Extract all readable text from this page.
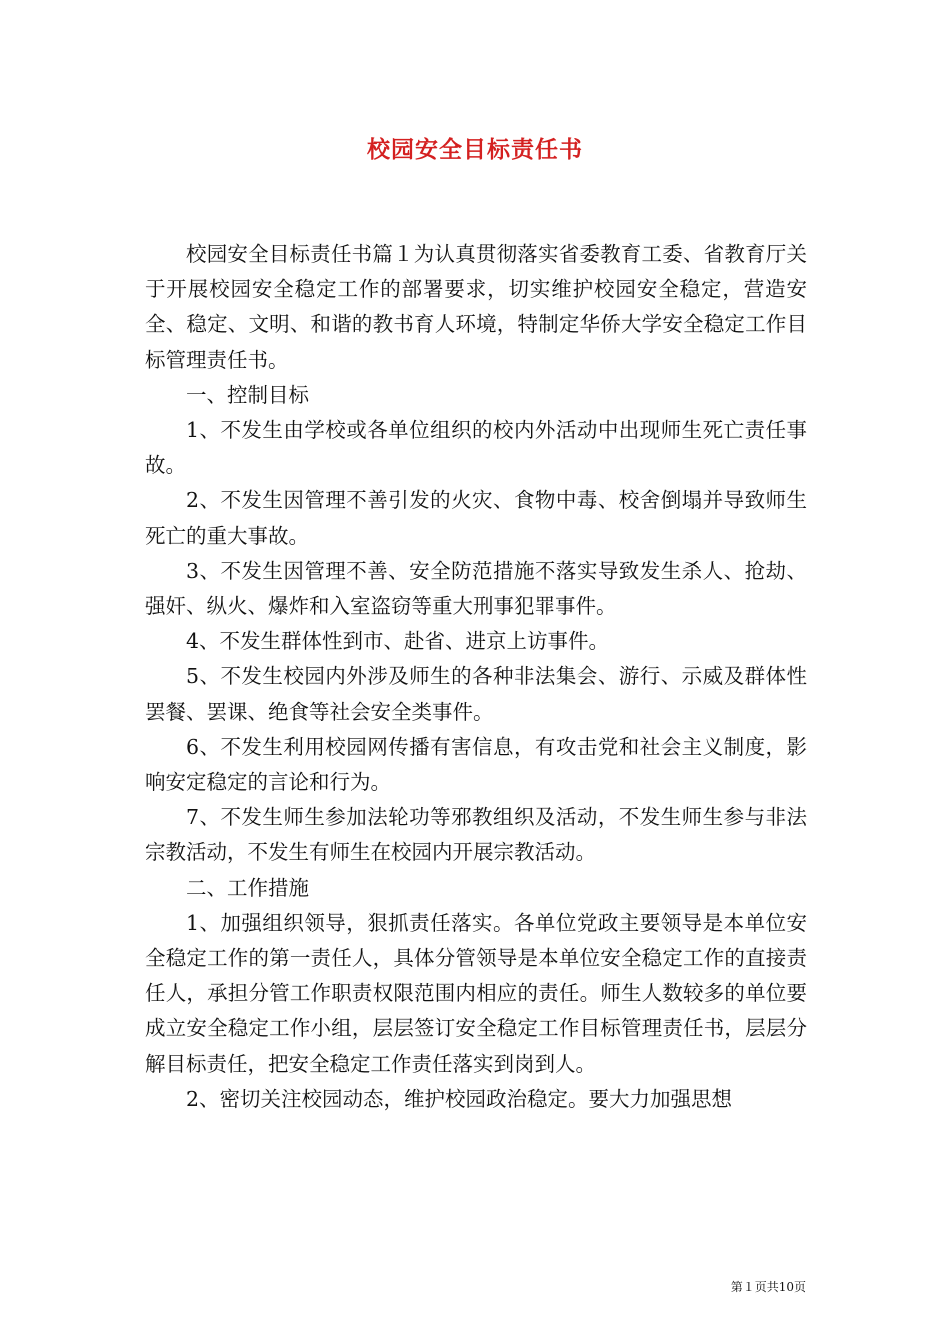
校园安全目标责任书

校园安全目标责任书篇１为认真贯彻落实省委教育工委、省教育厅关于开展校园安全稳定工作的部署要求，切实维护校园安全稳定，营造安全、稳定、文明、和谐的教书育人环境，特制定华侨大学安全稳定工作目标管理责任书。

一、控制目标

1、不发生由学校或各单位组织的校内外活动中出现师生死亡责任事故。

2、不发生因管理不善引发的火灾、食物中毒、校舍倒塌并导致师生死亡的重大事故。

3、不发生因管理不善、安全防范措施不落实导致发生杀人、抢劫、强奸、纵火、爆炸和入室盗窃等重大刑事犯罪事件。

4、不发生群体性到市、赴省、进京上访事件。

5、不发生校园内外涉及师生的各种非法集会、游行、示威及群体性罢餐、罢课、绝食等社会安全类事件。

6、不发生利用校园网传播有害信息，有攻击党和社会主义制度，影响安定稳定的言论和行为。

7、不发生师生参加法轮功等邪教组织及活动，不发生师生参与非法宗教活动，不发生有师生在校园内开展宗教活动。

二、工作措施

1、加强组织领导，狠抓责任落实。各单位党政主要领导是本单位安全稳定工作的第一责任人，具体分管领导是本单位安全稳定工作的直接责任人，承担分管工作职责权限范围内相应的责任。师生人数较多的单位要成立安全稳定工作小组，层层签订安全稳定工作目标管理责任书，层层分解目标责任，把安全稳定工作责任落实到岗到人。

2、密切关注校园动态，维护校园政治稳定。要大力加强思想

第１页共10页
